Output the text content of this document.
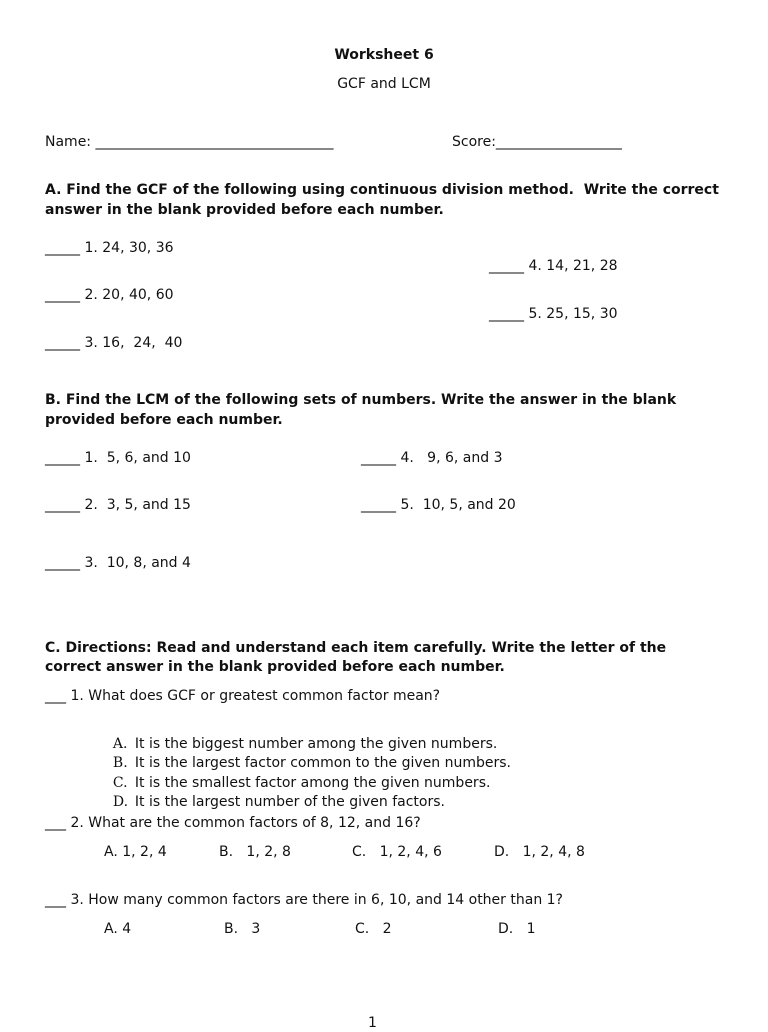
Worksheet 6
GCF and LCM
Name: __________________________________	Score:__________________
A. Find the GCF of the following using continuous division method.  Write the correct
answer in the blank provided before each number.
_____ 1. 24, 30, 36
_____ 4. 14, 21, 28
_____ 2. 20, 40, 60
_____ 5. 25, 15, 30
_____ 3. 16,  24,  40
B. Find the LCM of the following sets of numbers. Write the answer in the blank
provided before each number.
_____ 1.  5, 6, and 10	_____ 4.   9, 6, and 3
_____ 2.  3, 5, and 15	_____ 5.  10, 5, and 20
_____ 3.  10, 8, and 4
C. Directions: Read and understand each item carefully. Write the letter of the
correct answer in the blank provided before each number.
___ 1. What does GCF or greatest common factor mean?

A. It is the biggest number among the given numbers.

B. It is the largest factor common to the given numbers.

C. It is the smallest factor among the given numbers.

D. It is the largest number of the given factors.

___ 2. What are the common factors of 8, 12, and 16?
A. 1, 2, 4	B.   1, 2, 8	C.   1, 2, 4, 6	D.   1, 2, 4, 8
___ 3. How many common factors are there in 6, 10, and 14 other than 1?
A. 4	B.   3	C.   2	D.   1
1
